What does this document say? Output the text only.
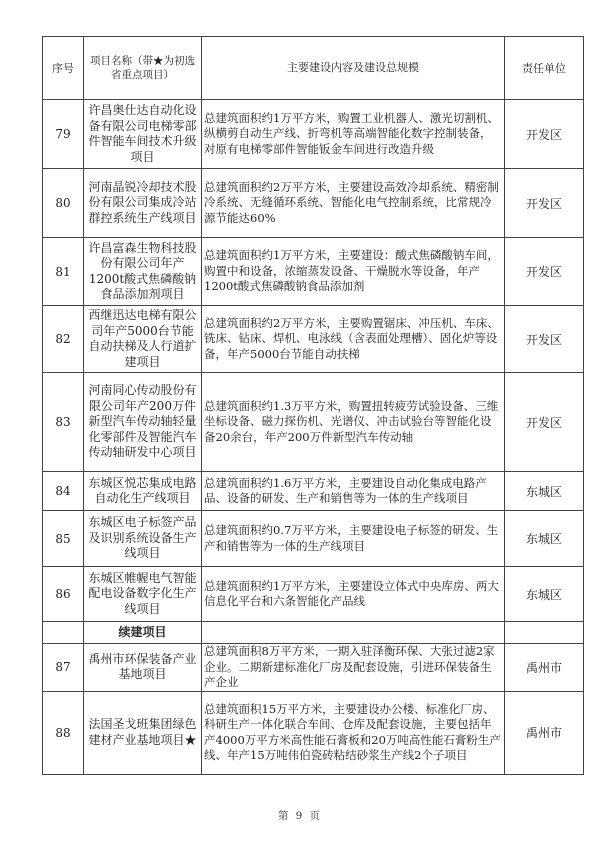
序号	项目名称（带★为初选省重点项目）	主要建设内容及建设总规模	责任单位
79	许昌奥仕达自动化设备有限公司电梯零部件智能车间技术升级项目	总建筑面积约1万平方米，购置工业机器人、激光切割机、纵横剪自动生产线、折弯机等高端智能化数字控制装备，对原有电梯零部件智能钣金车间进行改造升级	开发区
80	河南晶锐冷却技术股份有限公司集成冷站群控系统生产线项目	总建筑面积约2万平方米，主要建设高效冷却系统、精密制冷系统、无缝循环系统、智能化电气控制系统，比常规冷源节能达60%	开发区
81	许昌富森生物科技股份有限公司年产1200t酸式焦磷酸钠食品添加剂项目	总建筑面积约1万平方米，主要建设：酸式焦磷酸钠车间，购置中和设备，浓缩蒸发设备、干燥脱水等设备，年产1200t酸式焦磷酸钠食品添加剂	开发区
82	西继迅达电梯有限公司年产5000台节能自动扶梯及人行道扩建项目	总建筑面积约2万平方米，主要购置锯床、冲压机、车床、铣床、钻床、焊机、电泳线（含表面处理槽）、固化炉等设备，年产5000台节能自动扶梯	开发区
83	河南同心传动股份有限公司年产200万件新型汽车传动轴轻量化零部件及智能汽车传动轴研发中心项目	总建筑面积约1.3万平方米，购置扭转疲劳试验设备、三维坐标设备、磁力探伤机、光谱仪、冲击试验台等智能化设备20余台，年产200万件新型汽车传动轴	开发区
84	东城区悦芯集成电路自动化生产线项目	总建筑面积约1.6万平方米，主要建设自动化集成电路产品、设备的研发、生产和销售等为一体的生产线项目	东城区
85	东城区电子标签产品及识别系统设备生产线项目	总建筑面积约0.7万平方米，主要建设电子标签的研发、生产和销售等为一体的生产线项目	东城区
86	东城区帷幄电气智能配电设备数字化生产线项目	总建筑面积约1万平方米，主要建设立体式中央库房、两大信息化平台和六条智能化产品线	东城区
	续建项目		
87	禹州市环保装备产业基地项目	总建筑面积8万平方米，一期入驻泽衡环保、大张过滤2家企业。二期新建标准化厂房及配套设施，引进环保装备生产企业	禹州市
88	法国圣戈班集团绿色建材产业基地项目★	总建筑面积15万平方米，主要建设办公楼、标准化厂房、科研生产一体化联合车间、仓库及配套设施，主要包括年产4000万平方米高性能石膏板和20万吨高性能石膏粉生产线、年产15万吨伟伯瓷砖粘结砂浆生产线2个子项目	禹州市
第 9 页
